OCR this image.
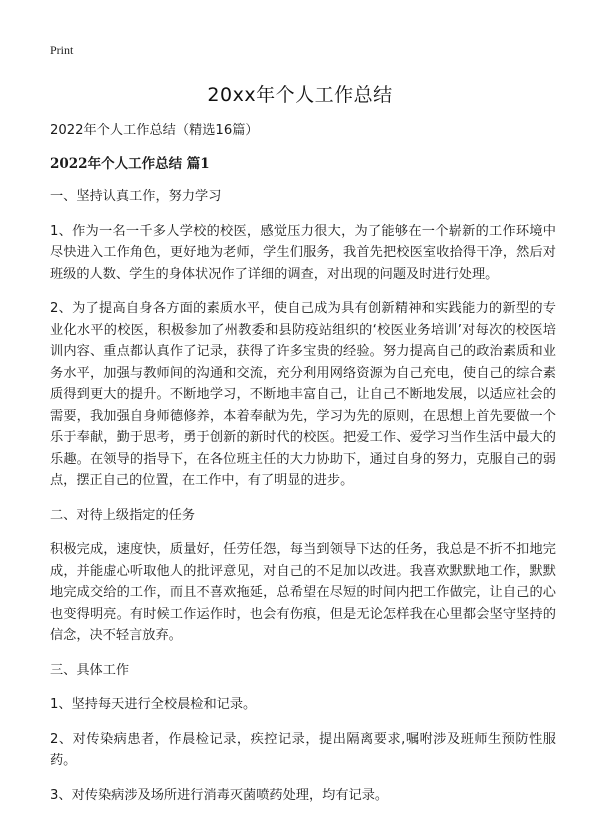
Print
20xx年个人工作总结

2022年个人工作总结（精选16篇）

2022年个人工作总结 篇1

一、坚持认真工作，努力学习

1、作为一名一千多人学校的校医，感觉压力很大，为了能够在一个崭新的工作环境中尽快进入工作角色，更好地为老师，学生们服务，我首先把校医室收拾得干净，然后对班级的人数、学生的身体状况作了详细的调查，对出现的问题及时进行处理。

2、为了提高自身各方面的素质水平，使自己成为具有创新精神和实践能力的新型的专业化水平的校医，积极参加了州教委和县防疫站组织的‘校医业务培训’对每次的校医培训内容、重点都认真作了记录，获得了许多宝贵的经验。努力提高自己的政治素质和业务水平，加强与教师间的沟通和交流，充分利用网络资源为自己充电，使自己的综合素质得到更大的提升。不断地学习，不断地丰富自己，让自己不断地发展，以适应社会的需要，我加强自身师德修养，本着奉献为先，学习为先的原则，在思想上首先要做一个乐于奉献，勤于思考，勇于创新的新时代的校医。把爱工作、爱学习当作生活中最大的乐趣。在领导的指导下，在各位班主任的大力协助下，通过自身的努力，克服自己的弱点，摆正自己的位置，在工作中，有了明显的进步。

二、对待上级指定的任务

积极完成，速度快，质量好，任劳任怨，每当到领导下达的任务，我总是不折不扣地完成，并能虚心听取他人的批评意见，对自己的不足加以改进。我喜欢默默地工作，默默地完成交给的工作，而且不喜欢拖延，总希望在尽短的时间内把工作做完，让自己的心也变得明亮。有时候工作运作时，也会有伤痕，但是无论怎样我在心里都会坚守坚持的信念，决不轻言放弃。

三、具体工作

1、坚持每天进行全校晨检和记录。

2、对传染病患者，作晨检记录，疾控记录，提出隔离要求,嘱咐涉及班师生预防性服药。

3、对传染病涉及场所进行消毒灭菌喷药处理，均有记录。
